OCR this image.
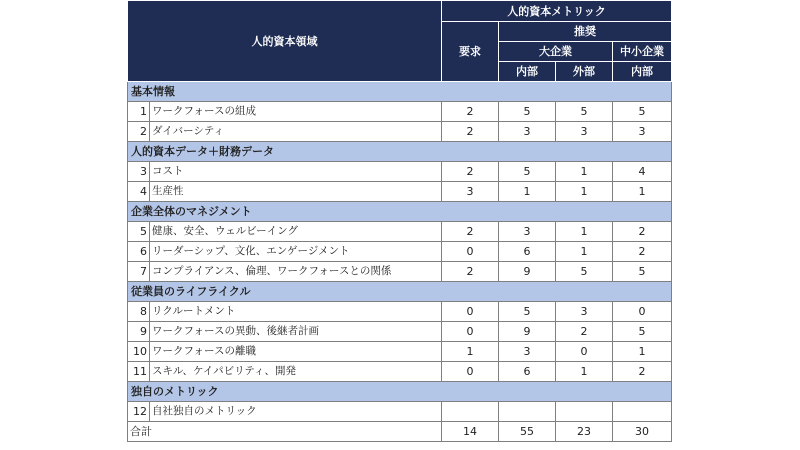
人的資本領域		人的資本メトリック			
		要求	推奨		
			大企業		中小企業
			内部	外部	内部
基本情報					
1	ワークフォースの組成	2	5	5	5
2	ダイバーシティ	2	3	3	3
人的資本データ＋財務データ					
3	コスト	2	5	1	4
4	生産性	3	1	1	1
企業全体のマネジメント					
5	健康、安全、ウェルビーイング	2	3	1	2
6	リーダーシップ、文化、エンゲージメント	0	6	1	2
7	コンプライアンス、倫理、ワークフォースとの関係	2	9	5	5
従業員のライフライクル					
8	リクルートメント	0	5	3	0
9	ワークフォースの異動、後継者計画	0	9	2	5
10	ワークフォースの離職	1	3	0	1
11	スキル、ケイパビリティ、開発	0	6	1	2
独自のメトリック					
12	自社独自のメトリック				
合計		14	55	23	30
